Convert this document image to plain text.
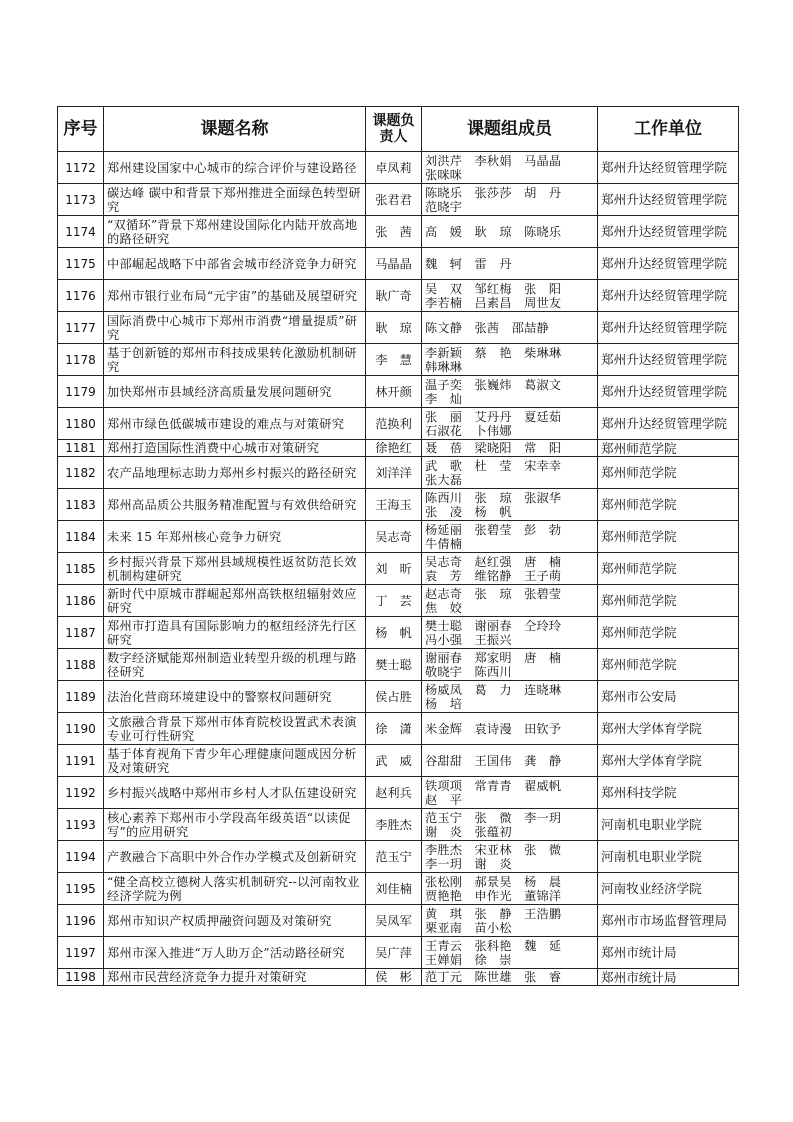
序号	课题名称	课题负责人	课题组成员	工作单位
1172	郑州建设国家中心城市的综合评价与建设路径	卓凤莉	刘洪芹　李秋娟　马晶晶
张咪咪	郑州升达经贸管理学院
1173	碳达峰 碳中和背景下郑州推进全面绿色转型研究	张君君	陈晓乐　张莎莎　胡　丹
范晓宇	郑州升达经贸管理学院
1174	“双循环”背景下郑州建设国际化内陆开放高地的路径研究	张　茜	高　媛　耿　琼　陈晓乐	郑州升达经贸管理学院
1175	中部崛起战略下中部省会城市经济竞争力研究	马晶晶	魏　轲　雷　丹	郑州升达经贸管理学院
1176	郑州市银行业布局“元宇宙”的基础及展望研究	耿广奇	吴　双　邹红梅　张　阳
李若楠　吕素昌　周世友	郑州升达经贸管理学院
1177	国际消费中心城市下郑州市消费“增量提质”研究	耿　琼	陈文静　张茜　邵喆静	郑州升达经贸管理学院
1178	基于创新链的郑州市科技成果转化激励机制研究	李　慧	李新颖　蔡　艳　柴琳琳
韩琳琳	郑州升达经贸管理学院
1179	加快郑州市县域经济高质量发展问题研究	林开颜	温子奕　张巍炜　葛淑文
李　灿	郑州升达经贸管理学院
1180	郑州市绿色低碳城市建设的难点与对策研究	范换利	张　丽　艾丹丹　夏廷茹
石淑花　卜伟娜	郑州升达经贸管理学院
1181	郑州打造国际性消费中心城市对策研究	徐艳红	聂　蓓　梁晓阳　常　阳	郑州师范学院
1182	农产品地理标志助力郑州乡村振兴的路径研究	刘洋洋	武　歌　杜　莹　宋幸幸
张大磊	郑州师范学院
1183	郑州高品质公共服务精准配置与有效供给研究	王海玉	陈西川　张　琼　张淑华
张　凌　杨　帆	郑州师范学院
1184	未来 15 年郑州核心竞争力研究	吴志奇	杨延丽　张碧莹　彭　勃
牛倩楠	郑州师范学院
1185	乡村振兴背景下郑州县域规模性返贫防范长效机制构建研究	刘　昕	吴志奇　赵红强　唐　楠
袁　芳　维铭静　王子萌	郑州师范学院
1186	新时代中原城市群崛起郑州高铁枢纽辐射效应研究	丁　芸	赵志奇　张　琼　张碧莹
焦　姣	郑州师范学院
1187	郑州市打造具有国际影响力的枢纽经济先行区研究	杨　帆	樊士聪　谢丽春　仝玲玲
冯小强　王振兴	郑州师范学院
1188	数字经济赋能郑州制造业转型升级的机理与路径研究	樊士聪	谢丽春　郑家明　唐　楠
敬晓宇　陈西川	郑州师范学院
1189	法治化营商环境建设中的警察权问题研究	侯占胜	杨威凤　葛　力　连晓琳
杨　培	郑州市公安局
1190	文旅融合背景下郑州市体育院校设置武术表演专业可行性研究	徐　潇	米金辉　袁诗漫　田钦予	郑州大学体育学院
1191	基于体育视角下青少年心理健康问题成因分析及对策研究	武　威	谷甜甜　王国伟　龚　静	郑州大学体育学院
1192	乡村振兴战略中郑州市乡村人才队伍建设研究	赵利兵	铁项项　常青青　翟威帆
赵　平	郑州科技学院
1193	核心素养下郑州市小学段高年级英语“以读促写”的应用研究	李胜杰	范玉宁　张　微　李一玥
谢　炎　张蕴初	河南机电职业学院
1194	产教融合下高职中外合作办学模式及创新研究	范玉宁	李胜杰　宋亚林　张　微
李一玥　谢　炎	河南机电职业学院
1195	“健全高校立德树人落实机制研究--以河南牧业经济学院为例	刘佳楠	张松刚　郝景昊　杨　晨
贾艳艳　申作光　董锦洋	河南牧业经济学院
1196	郑州市知识产权质押融资问题及对策研究	吴凤军	黄　琪　张　静　王浩鹏
栗亚南　苗小松	郑州市市场监督管理局
1197	郑州市深入推进“万人助万企”活动路径研究	吴广萍	王青云　张科艳　魏　延
王婵娟　徐　崇	郑州市统计局
1198	郑州市民营经济竞争力提升对策研究	侯　彬	范丁元　陈世雄　张　睿	郑州市统计局
